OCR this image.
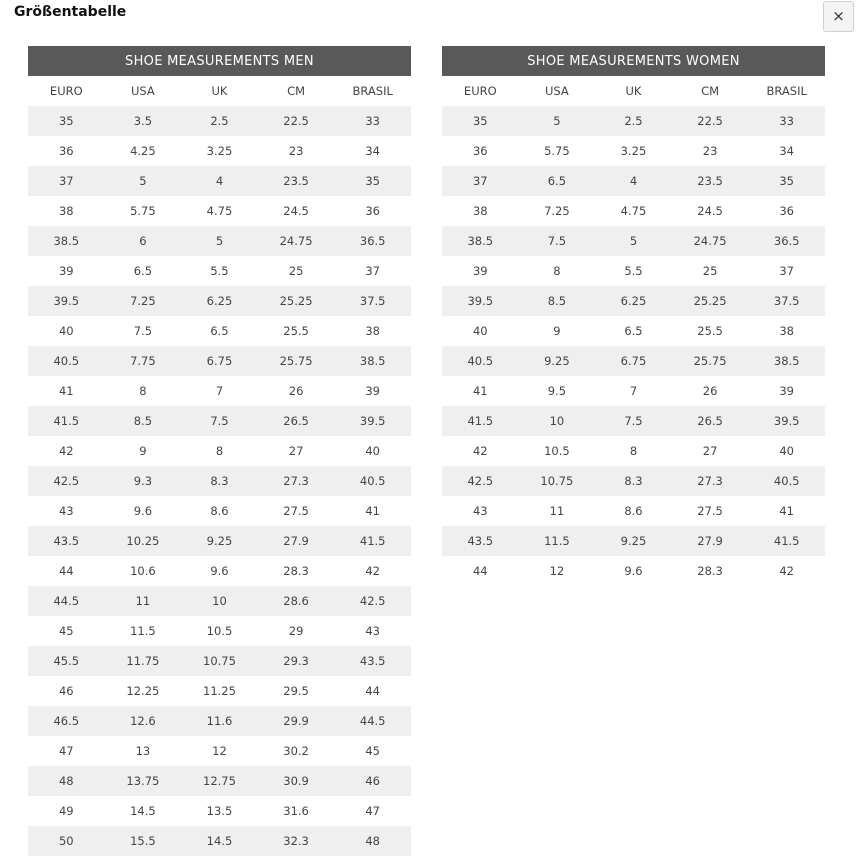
Größentabelle	×
SHOE MEASUREMENTS MEN				
EURO	USA	UK	CM	BRASIL
35	3.5	2.5	22.5	33
36	4.25	3.25	23	34
37	5	4	23.5	35
38	5.75	4.75	24.5	36
38.5	6	5	24.75	36.5
39	6.5	5.5	25	37
39.5	7.25	6.25	25.25	37.5
40	7.5	6.5	25.5	38
40.5	7.75	6.75	25.75	38.5
41	8	7	26	39
41.5	8.5	7.5	26.5	39.5
42	9	8	27	40
42.5	9.3	8.3	27.3	40.5
43	9.6	8.6	27.5	41
43.5	10.25	9.25	27.9	41.5
44	10.6	9.6	28.3	42
44.5	11	10	28.6	42.5
45	11.5	10.5	29	43
45.5	11.75	10.75	29.3	43.5
46	12.25	11.25	29.5	44
46.5	12.6	11.6	29.9	44.5
47	13	12	30.2	45
48	13.75	12.75	30.9	46
49	14.5	13.5	31.6	47
50	15.5	14.5	32.3	48
SHOE MEASUREMENTS WOMEN				
EURO	USA	UK	CM	BRASIL
35	5	2.5	22.5	33
36	5.75	3.25	23	34
37	6.5	4	23.5	35
38	7.25	4.75	24.5	36
38.5	7.5	5	24.75	36.5
39	8	5.5	25	37
39.5	8.5	6.25	25.25	37.5
40	9	6.5	25.5	38
40.5	9.25	6.75	25.75	38.5
41	9.5	7	26	39
41.5	10	7.5	26.5	39.5
42	10.5	8	27	40
42.5	10.75	8.3	27.3	40.5
43	11	8.6	27.5	41
43.5	11.5	9.25	27.9	41.5
44	12	9.6	28.3	42
